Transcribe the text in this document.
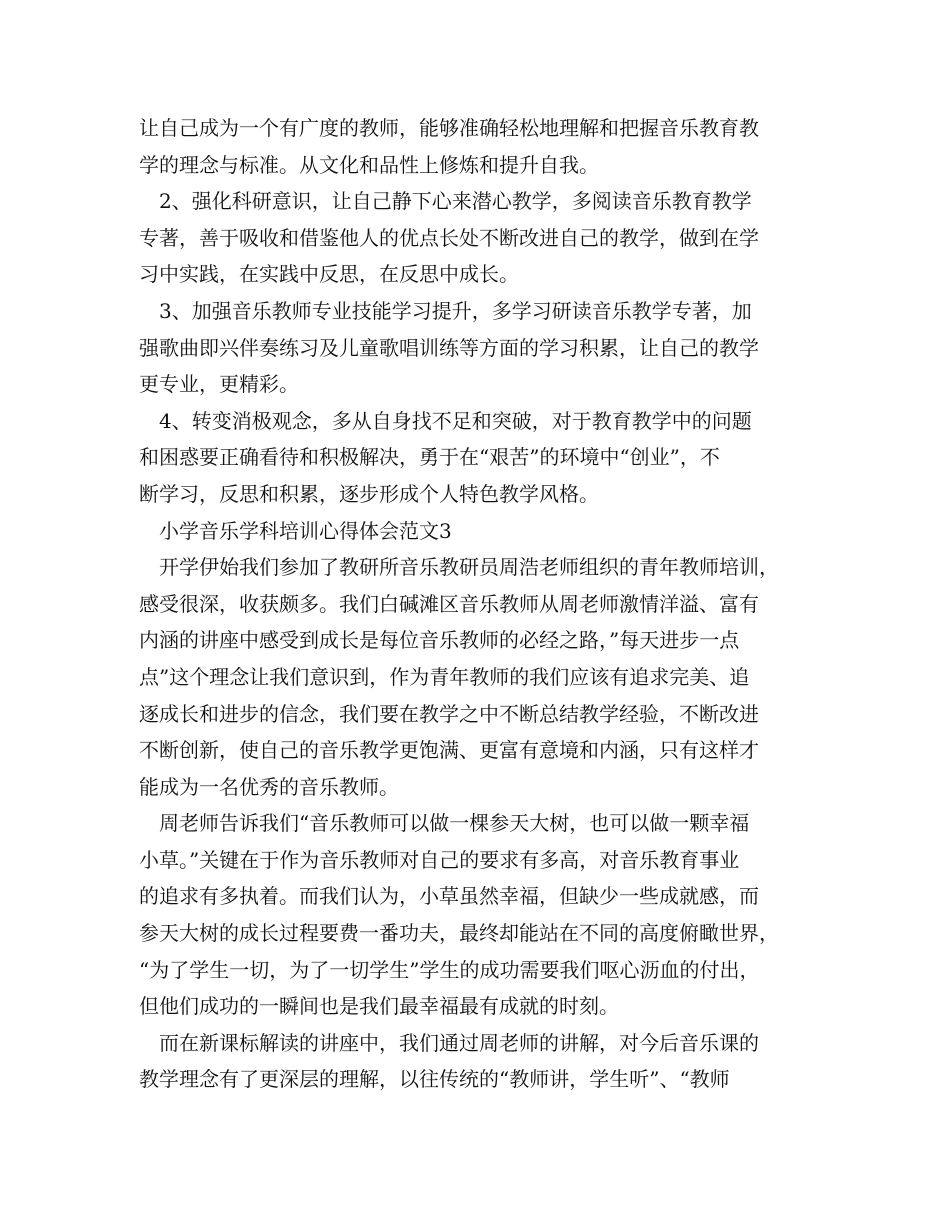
让自己成为一个有广度的教师，能够准确轻松地理解和把握音乐教育教
学的理念与标准。从文化和品性上修炼和提升自我。
2、强化科研意识，让自己静下心来潜心教学，多阅读音乐教育教学
专著，善于吸收和借鉴他人的优点长处不断改进自己的教学，做到在学
习中实践，在实践中反思，在反思中成长。
3、加强音乐教师专业技能学习提升，多学习研读音乐教学专著，加
强歌曲即兴伴奏练习及儿童歌唱训练等方面的学习积累，让自己的教学
更专业，更精彩。
4、转变消极观念，多从自身找不足和突破，对于教育教学中的问题
和困惑要正确看待和积极解决，勇于在“艰苦”的环境中“创业”，不
断学习，反思和积累，逐步形成个人特色教学风格。
小学音乐学科培训心得体会范文3
开学伊始我们参加了教研所音乐教研员周浩老师组织的青年教师培训，
感受很深，收获颇多。我们白碱滩区音乐教师从周老师激情洋溢、富有
内涵的讲座中感受到成长是每位音乐教师的必经之路，”每天进步一点
点”这个理念让我们意识到，作为青年教师的我们应该有追求完美、追
逐成长和进步的信念，我们要在教学之中不断总结教学经验，不断改进
不断创新，使自己的音乐教学更饱满、更富有意境和内涵，只有这样才
能成为一名优秀的音乐教师。
周老师告诉我们“音乐教师可以做一棵参天大树，也可以做一颗幸福
小草。”关键在于作为音乐教师对自己的要求有多高，对音乐教育事业
的追求有多执着。而我们认为，小草虽然幸福，但缺少一些成就感，而
参天大树的成长过程要费一番功夫，最终却能站在不同的高度俯瞰世界，
“为了学生一切，为了一切学生”学生的成功需要我们呕心沥血的付出，
但他们成功的一瞬间也是我们最幸福最有成就的时刻。
而在新课标解读的讲座中，我们通过周老师的讲解，对今后音乐课的
教学理念有了更深层的理解，以往传统的“教师讲，学生听”、“教师
